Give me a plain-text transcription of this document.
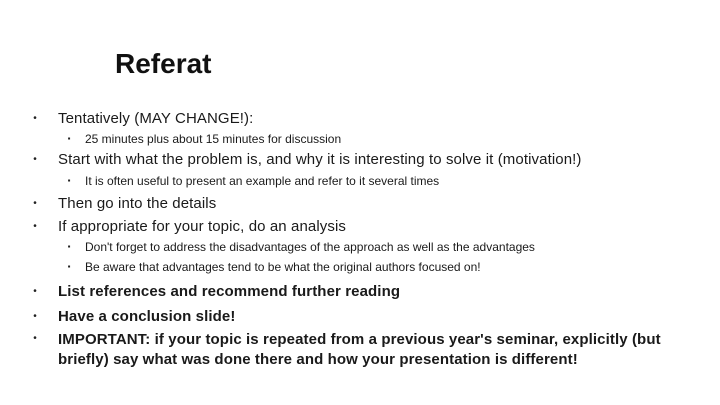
Referat
• Tentatively (MAY CHANGE!):
▪ 25 minutes plus about 15 minutes for discussion
• Start with what the problem is, and why it is interesting to solve it (motivation!)
▪ It is often useful to present an example and refer to it several times
• Then go into the details
• If appropriate for your topic, do an analysis
▪ Don't forget to address the disadvantages of the approach as well as the advantages
▪ Be aware that advantages tend to be what the original authors focused on!
• List references and recommend further reading
• Have a conclusion slide!
• IMPORTANT: if your topic is repeated from a previous year's seminar, explicitly (but briefly) say what was done there and how your presentation is different!
